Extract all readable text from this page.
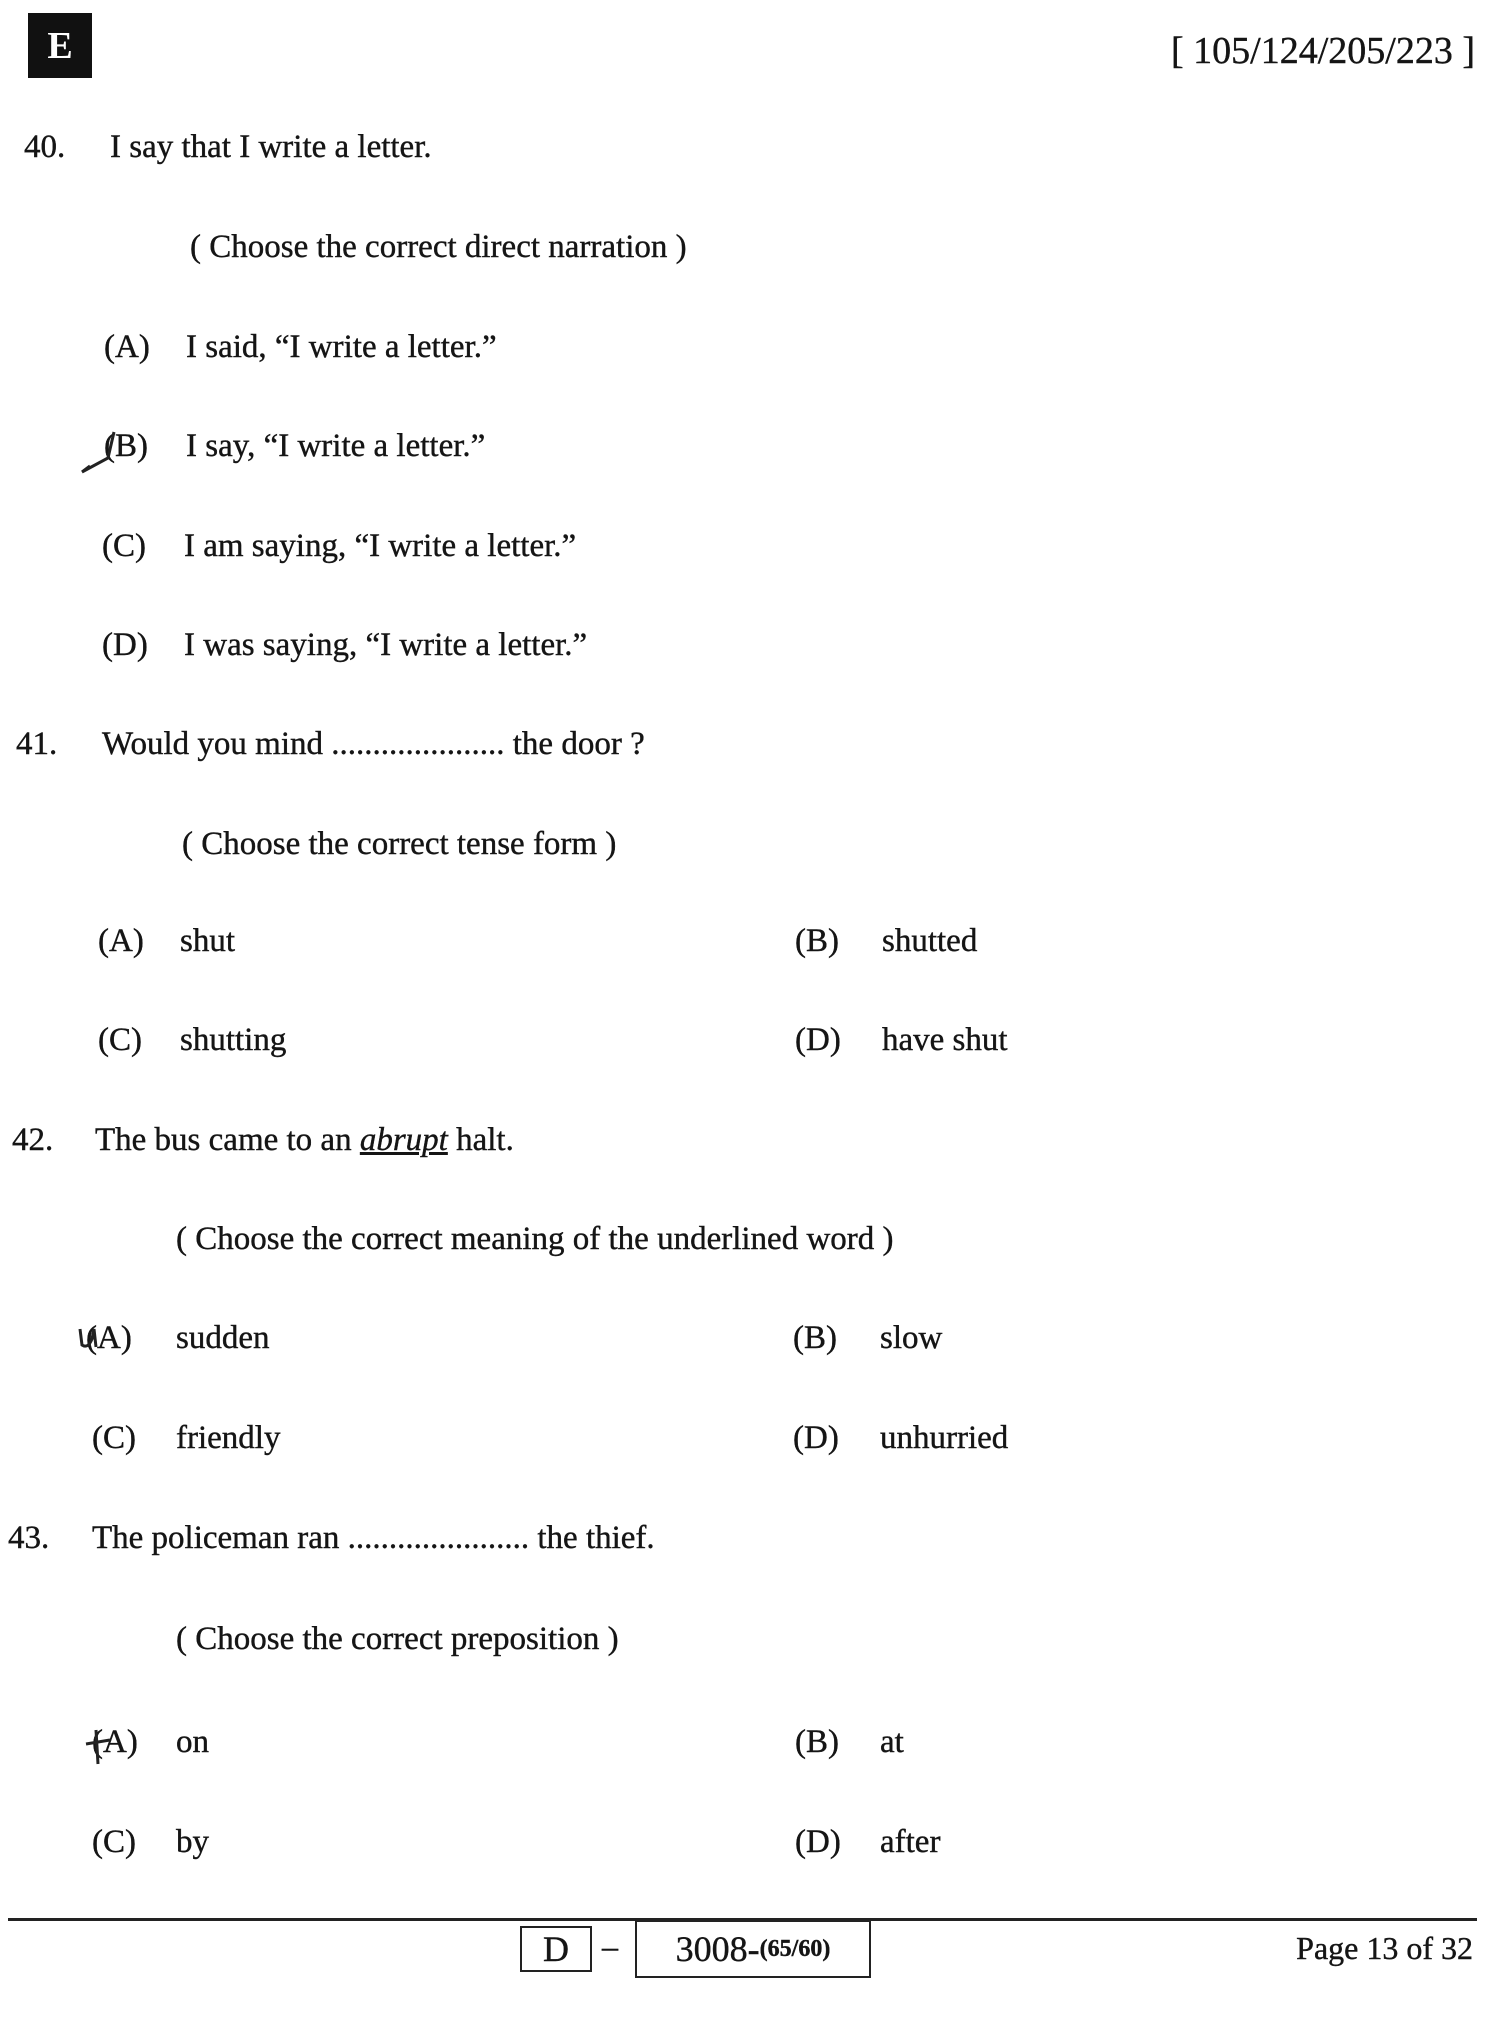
E	[ 105/124/205/223 ]
40. I say that I write a letter.
( Choose the correct direct narration )
(A) I said, “I write a letter.”
(B) I say, “I write a letter.”
(C) I am saying, “I write a letter.”
(D) I was saying, “I write a letter.”
41. Would you mind ..................... the door ?
( Choose the correct tense form )
(A) shut	(B) shutted
(C) shutting	(D) have shut
42. The bus came to an abrupt halt.
( Choose the correct meaning of the underlined word )
(A) sudden	(B) slow
(C) friendly	(D) unhurried
43. The policeman ran ...................... the thief.
( Choose the correct preposition )
(A) on	(B) at
(C) by	(D) after
D	– 3008- (65/60)	Page 13 of 32
